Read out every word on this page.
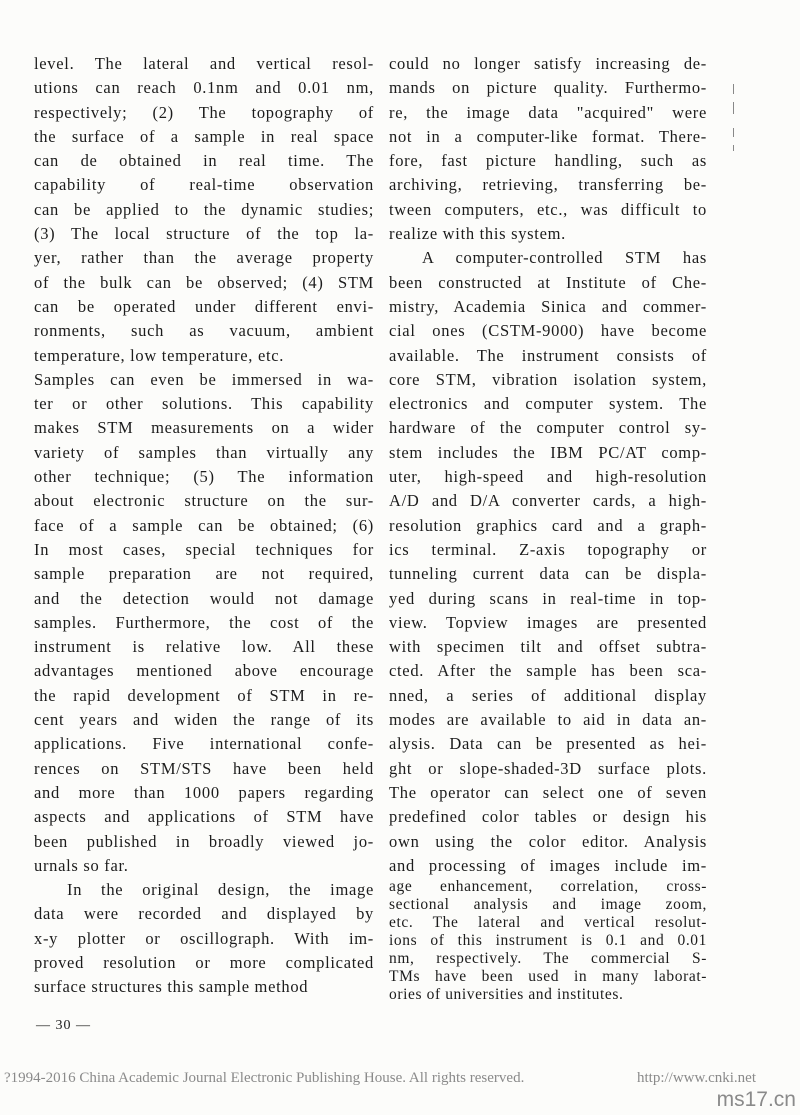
level. The lateral and vertical resol-
utions can reach 0.1nm and 0.01 nm,
respectively; (2) The topography of
the surface of a sample in real space
can de obtained in real time. The
capability of real-time observation
can be applied to the dynamic studies;
(3) The local structure of the top la-
yer, rather than the average property
of the bulk can be observed; (4) STM
can be operated under different envi-
ronments, such as vacuum, ambient
temperature, low temperature, etc.
Samples can even be immersed in wa-
ter or other solutions. This capability
makes STM measurements on a wider
variety of samples than virtually any
other technique; (5) The information
about electronic structure on the sur-
face of a sample can be obtained; (6)
In most cases, special techniques for
sample preparation are not required,
and the detection would not damage
samples. Furthermore, the cost of the
instrument is relative low. All these
advantages mentioned above encourage
the rapid development of STM in re-
cent years and widen the range of its
applications. Five international confe-
rences on STM/STS have been held
and more than 1000 papers regarding
aspects and applications of STM have
been published in broadly viewed jo-
urnals so far.
In the original design, the image
data were recorded and displayed by
x-y plotter or oscillograph. With im-
proved resolution or more complicated
surface structures this sample method
could no longer satisfy increasing de-
mands on picture quality. Furthermo-
re, the image data "acquired" were
not in a computer-like format. There-
fore, fast picture handling, such as
archiving, retrieving, transferring be-
tween computers, etc., was difficult to
realize with this system.
A computer-controlled STM has
been constructed at Institute of Che-
mistry, Academia Sinica and commer-
cial ones (CSTM-9000) have become
available. The instrument consists of
core STM, vibration isolation system,
electronics and computer system. The
hardware of the computer control sy-
stem includes the IBM PC/AT comp-
uter, high-speed and high-resolution
A/D and D/A converter cards, a high-
resolution graphics card and a graph-
ics terminal. Z-axis topography or
tunneling current data can be displa-
yed during scans in real-time in top-
view. Topview images are presented
with specimen tilt and offset subtra-
cted. After the sample has been sca-
nned, a series of additional display
modes are available to aid in data an-
alysis. Data can be presented as hei-
ght or slope-shaded-3D surface plots.
The operator can select one of seven
predefined color tables or design his
own using the color editor. Analysis
and processing of images include im-
age enhancement, correlation, cross-
sectional analysis and image zoom,
etc. The lateral and vertical resolut-
ions of this instrument is 0.1 and 0.01
nm, respectively. The commercial S-
TMs have been used in many laborat-
ories of universities and institutes.
— 30 —
?1994-2016 China Academic Journal Electronic Publishing House. All rights reserved.	http://www.cnki.net
ms17.cn
